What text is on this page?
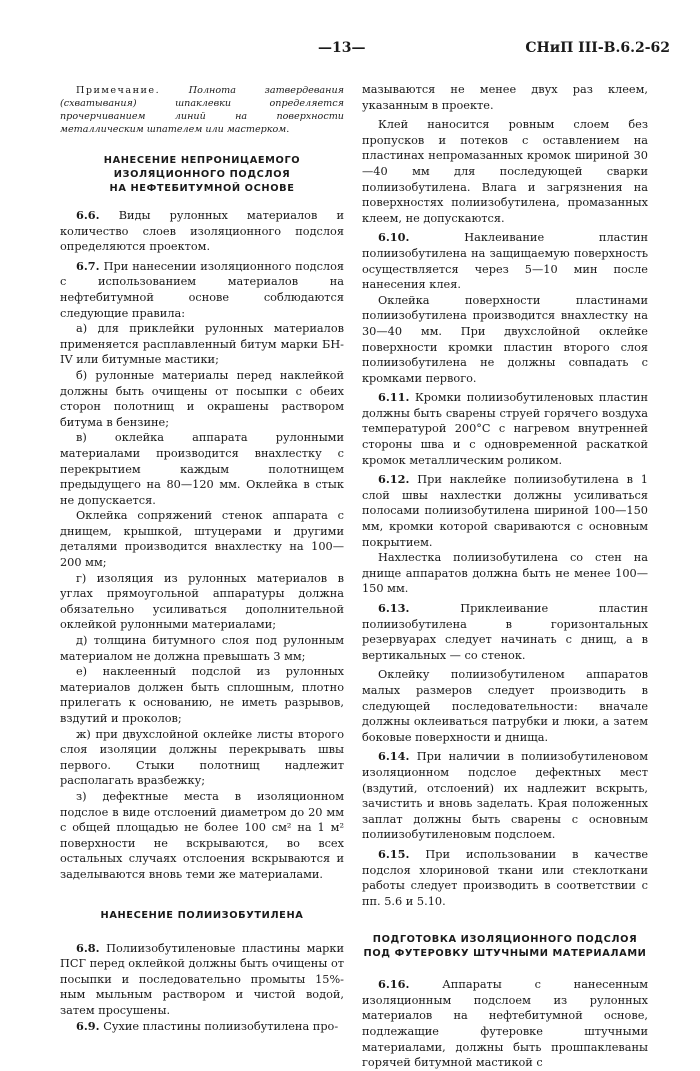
—13—	СНиП III-В.6.2-62

Примечание.	Полнота затвердевания (схватывания) шпаклевки определяется прочерчиванием линий на поверхности металлическим шпателем или мастерком.

НАНЕСЕНИЕ НЕПРОНИЦАЕМОГО
ИЗОЛЯЦИОННОГО ПОДСЛОЯ
НА НЕФТЕБИТУМНОЙ ОСНОВЕ

6.6. Виды рулонных материалов и количество слоев изоляционного подслоя определяются проектом.

6.7. При нанесении изоляционного подслоя с использованием материалов на нефтебитумной основе соблюдаются следующие правила:

а) для приклейки рулонных материалов применяется расплавленный битум марки БН-IV или битумные мастики;

б) рулонные материалы перед наклейкой должны быть очищены от посыпки с обеих сторон полотнищ и окрашены раствором битума в бензине;

в) оклейка аппарата рулонными материалами производится внахлестку с перекрытием каждым полотнищем предыдущего на 80—120 мм. Оклейка в стык не допускается.

Оклейка сопряжений стенок аппарата с днищем, крышкой, штуцерами и другими деталями производится внахлестку на 100—200 мм;

г) изоляция из рулонных материалов в углах прямоугольной аппаратуры должна обязательно усиливаться дополнительной оклейкой рулонными материалами;

д) толщина битумного слоя под рулонным материалом не должна превышать 3 мм;

е) наклеенный подслой из рулонных материалов должен быть сплошным, плотно прилегать к основанию, не иметь разрывов, вздутий и проколов;

ж) при двухслойной оклейке листы второго слоя изоляции должны перекрывать швы первого. Стыки полотнищ надлежит располагать вразбежку;

з) дефектные места в изоляционном подслое в виде отслоений диаметром до 20 мм с общей площадью не более 100 см² на 1 м² поверхности не вскрываются, во всех остальных случаях отслоения вскрываются и заделываются вновь теми же материалами.

НАНЕСЕНИЕ ПОЛИИЗОБУТИЛЕНА

6.8. Полиизобутиленовые пластины марки ПСГ перед оклейкой должны быть очищены от посыпки и последовательно промыты 15%-ным мыльным раствором и чистой водой, затем просушены.

6.9. Сухие пластины полиизобутилена про-

мазываются не менее двух раз клеем, указанным в проекте.

Клей наносится ровным слоем без пропусков и потеков с оставлением на пластинах непромазанных кромок шириной 30—40 мм для последующей сварки полиизобутилена. Влага и загрязнения на поверхностях полиизобутилена, промазанных клеем, не допускаются.

6.10.	Наклеивание пластин полиизобутилена на защищаемую поверхность осуществляется через 5—10 мин после нанесения клея.

Оклейка поверхности пластинами полиизобутилена производится внахлестку на 30—40 мм. При двухслойной оклейке поверхности кромки пластин второго слоя полиизобутилена не должны совпадать с кромками первого.

6.11. Кромки полиизобутиленовых пластин должны быть сварены струей горячего воздуха температурой 200°С с нагревом внутренней стороны шва и с одновременной раскаткой кромок металлическим роликом.

6.12. При наклейке полиизобутилена в 1 слой швы нахлестки должны усиливаться полосами полиизобутилена шириной 100—150 мм, кромки которой свариваются с основным покрытием.

Нахлестка полиизобутилена со стен на днище аппаратов должна быть не менее 100—150 мм.

6.13.	Приклеивание пластин полиизобутилена в горизонтальных резервуарах следует начинать с днищ, а в вертикальных — со стенок.

Оклейку полиизобутиленом аппаратов малых размеров следует производить в следующей последовательности: вначале должны оклеиваться патрубки и люки, а затем боковые поверхности и днища.

6.14. При наличии в полиизобутиленовом изоляционном подслое дефектных мест (вздутий, отслоений) их надлежит вскрыть, зачистить и вновь заделать. Края положенных заплат должны быть сварены с основным полиизобутиленовым подслоем.

6.15. При использовании в качестве подслоя хлориновой ткани или стеклоткани работы следует производить в соответствии с пп. 5.6 и 5.10.

ПОДГОТОВКА ИЗОЛЯЦИОННОГО ПОДСЛОЯ
ПОД ФУТЕРОВКУ ШТУЧНЫМИ МАТЕРИАЛАМИ

6.16.	Аппараты с нанесенным изоляционным подслоем из рулонных материалов на нефтебитумной основе, подлежащие футеровке штучными материалами, должны быть прошпаклеваны горячей битумной мастикой с
